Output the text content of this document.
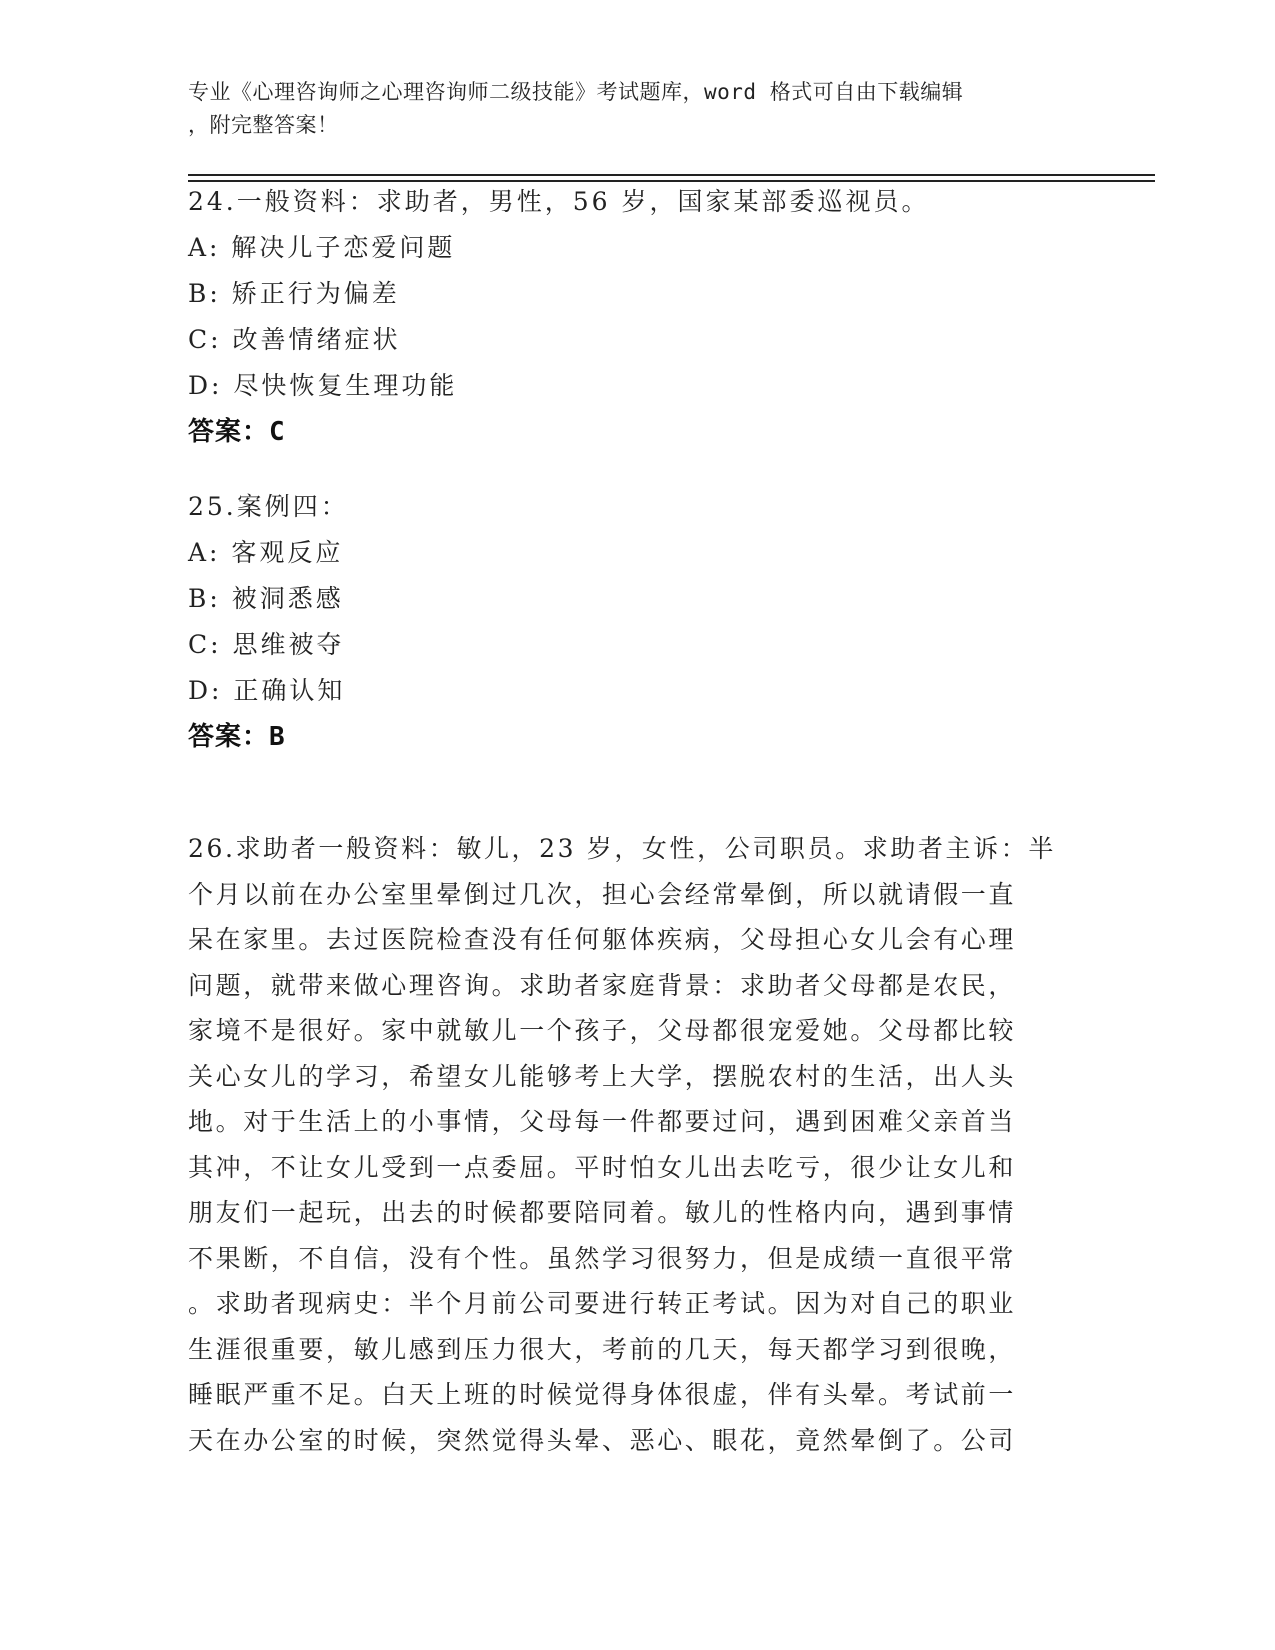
专业《心理咨询师之心理咨询师二级技能》考试题库，word 格式可自由下载编辑
，附完整答案！
24.一般资料：求助者，男性，56 岁，国家某部委巡视员。
A: 解决儿子恋爱问题
B: 矫正行为偏差
C: 改善情绪症状
D: 尽快恢复生理功能
答案：C
25.案例四：
A: 客观反应
B: 被洞悉感
C: 思维被夺
D: 正确认知
答案：B
26.求助者一般资料：敏儿，23 岁，女性，公司职员。求助者主诉：半
个月以前在办公室里晕倒过几次，担心会经常晕倒，所以就请假一直
呆在家里。去过医院检查没有任何躯体疾病，父母担心女儿会有心理
问题，就带来做心理咨询。求助者家庭背景：求助者父母都是农民，
家境不是很好。家中就敏儿一个孩子，父母都很宠爱她。父母都比较
关心女儿的学习，希望女儿能够考上大学，摆脱农村的生活，出人头
地。对于生活上的小事情，父母每一件都要过问，遇到困难父亲首当
其冲，不让女儿受到一点委屈。平时怕女儿出去吃亏，很少让女儿和
朋友们一起玩，出去的时候都要陪同着。敏儿的性格内向，遇到事情
不果断，不自信，没有个性。虽然学习很努力，但是成绩一直很平常
。求助者现病史：半个月前公司要进行转正考试。因为对自己的职业
生涯很重要，敏儿感到压力很大，考前的几天，每天都学习到很晚，
睡眠严重不足。白天上班的时候觉得身体很虚，伴有头晕。考试前一
天在办公室的时候，突然觉得头晕、恶心、眼花，竟然晕倒了。公司
